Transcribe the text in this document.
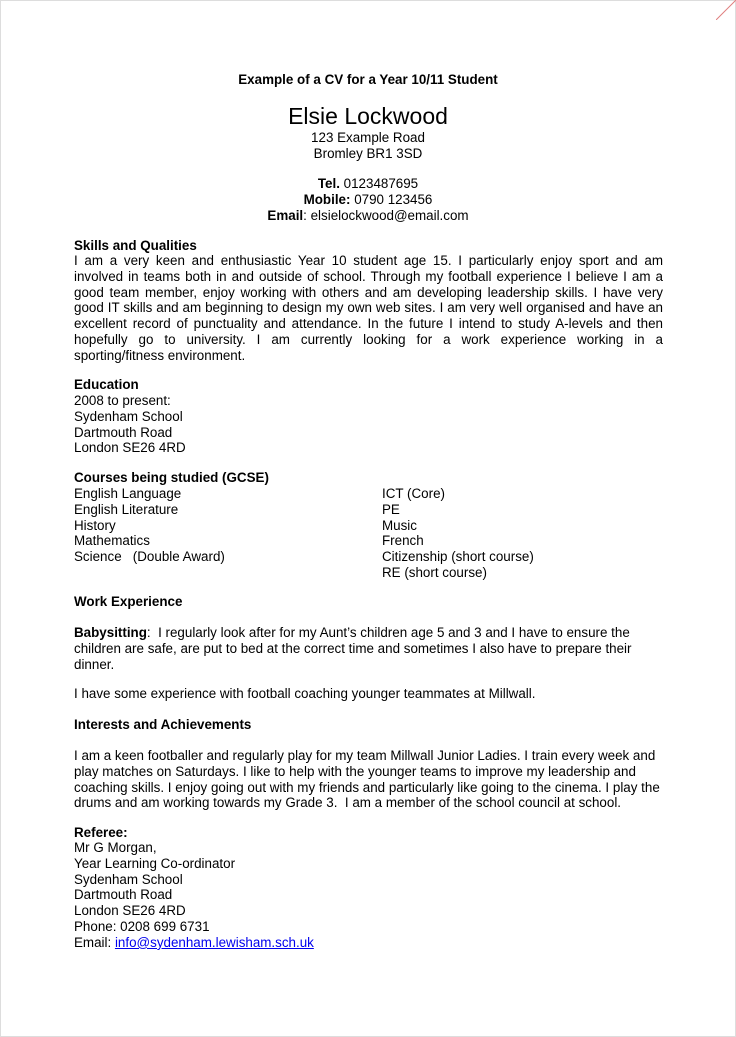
Example of a CV for a Year 10/11 Student
Elsie Lockwood
123 Example Road
Bromley BR1 3SD
Tel. 0123487695
Mobile: 0790 123456
Email: elsielockwood@email.com
Skills and Qualities
I am a very keen and enthusiastic Year 10 student age 15. I particularly enjoy sport and am
involved in teams both in and outside of school. Through my football experience I believe I am a
good team member, enjoy working with others and am developing leadership skills. I have very
good IT skills and am beginning to design my own web sites. I am very well organised and have an
excellent record of punctuality and attendance. In the future I intend to study A-levels and then
hopefully go to university. I am currently looking for a work experience working in a
sporting/fitness environment.
Education
2008 to present:
Sydenham School
Dartmouth Road
London SE26 4RD
Courses being studied (GCSE)
English Language
English Literature
History
Mathematics
Science   (Double Award)
ICT (Core)
PE
Music
French
Citizenship (short course)
RE (short course)
Work Experience
Babysitting:  I regularly look after for my Aunt’s children age 5 and 3 and I have to ensure the
children are safe, are put to bed at the correct time and sometimes I also have to prepare their
dinner.
I have some experience with football coaching younger teammates at Millwall.
Interests and Achievements
I am a keen footballer and regularly play for my team Millwall Junior Ladies. I train every week and
play matches on Saturdays. I like to help with the younger teams to improve my leadership and
coaching skills. I enjoy going out with my friends and particularly like going to the cinema. I play the
drums and am working towards my Grade 3.  I am a member of the school council at school.
Referee:
Mr G Morgan,
Year Learning Co-ordinator
Sydenham School
Dartmouth Road
London SE26 4RD
Phone: 0208 699 6731
Email: info@sydenham.lewisham.sch.uk
